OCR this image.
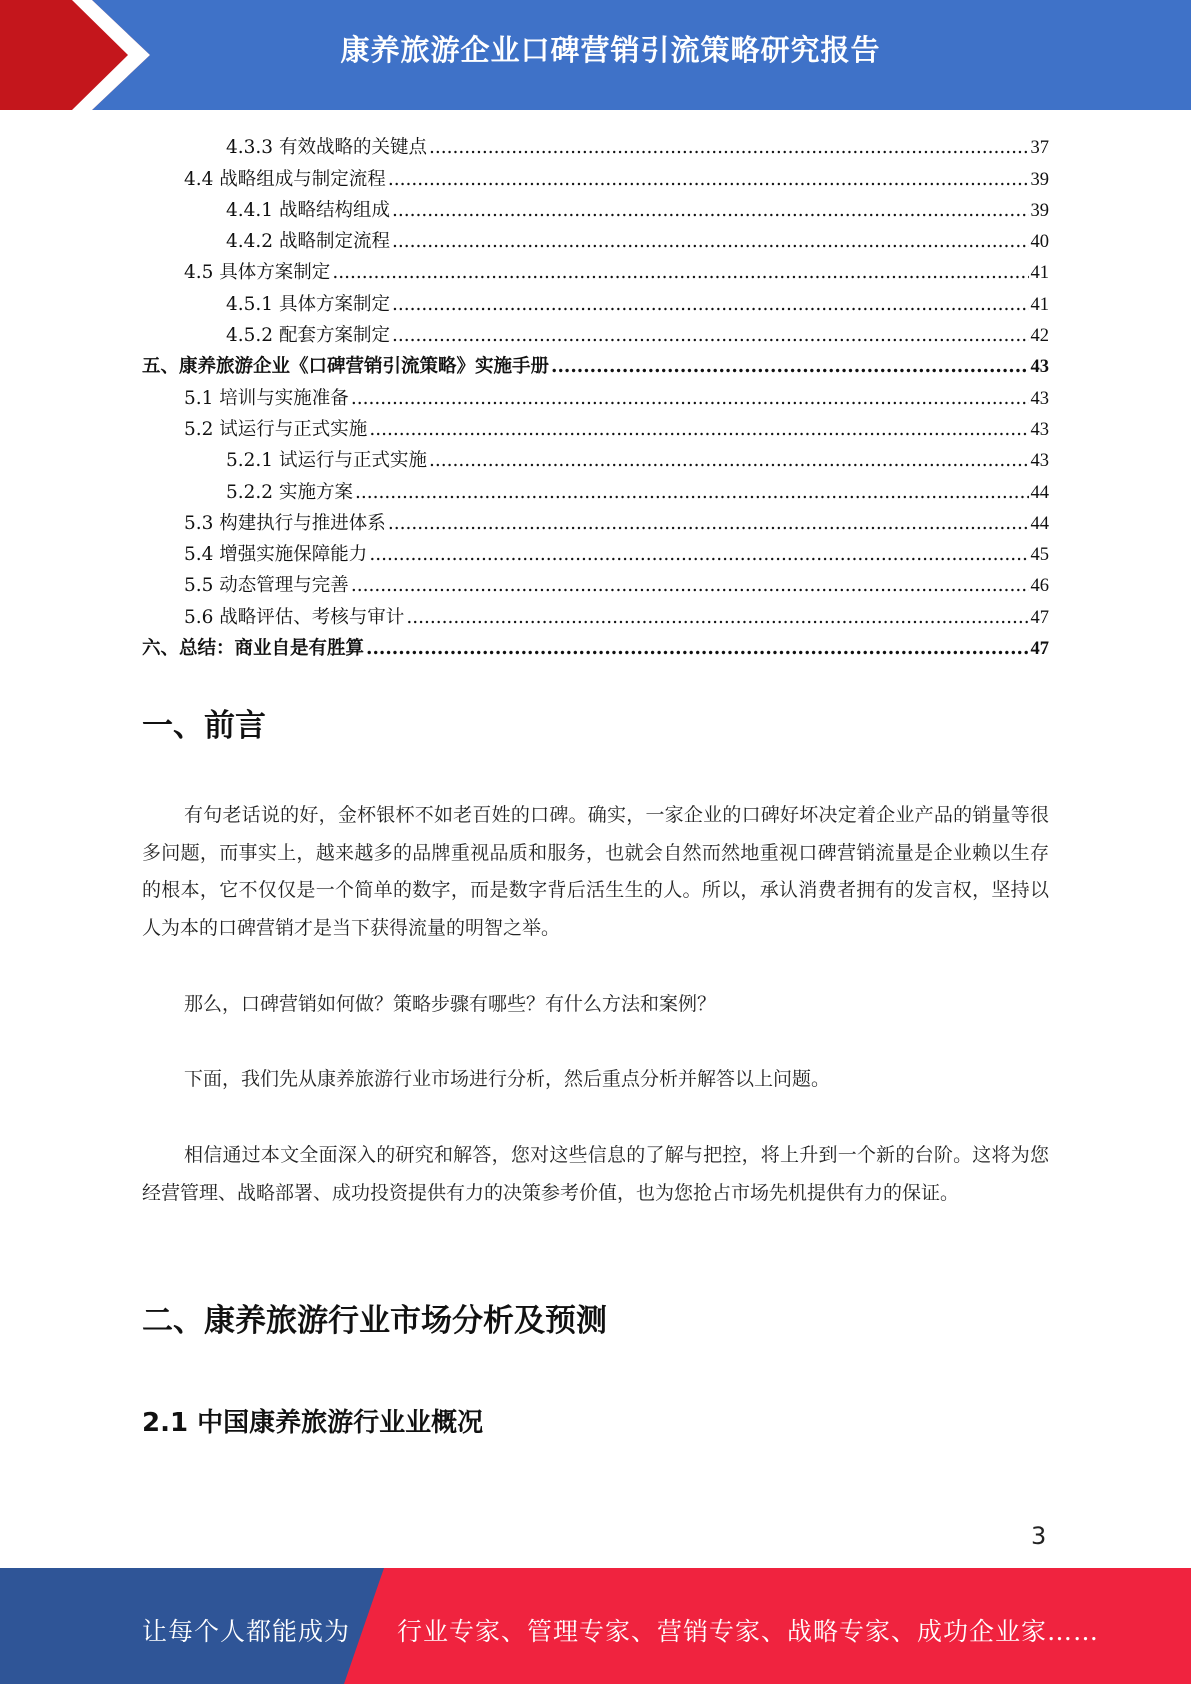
康养旅游企业口碑营销引流策略研究报告
4.3.3 有效战略的关键点 .....	37
4.4 战略组成与制定流程 .....	39
4.4.1 战略结构组成 .....	39
4.4.2 战略制定流程 .....	40
4.5 具体方案制定 .....	41
4.5.1 具体方案制定 .....	41
4.5.2 配套方案制定 .....	42
五、康养旅游企业《口碑营销引流策略》实施手册 .....	43
5.1 培训与实施准备 .....	43
5.2 试运行与正式实施 .....	43
5.2.1 试运行与正式实施 .....	43
5.2.2 实施方案 .....	44
5.3 构建执行与推进体系 .....	44
5.4 增强实施保障能力 .....	45
5.5 动态管理与完善 .....	46
5.6 战略评估、考核与审计 .....	47
六、总结：商业自是有胜算 .....	47
一、前言
有句老话说的好，金杯银杯不如老百姓的口碑。确实，一家企业的口碑好坏决定着企业产品的销量等很多问题，而事实上，越来越多的品牌重视品质和服务，也就会自然而然地重视口碑营销流量是企业赖以生存的根本，它不仅仅是一个简单的数字，而是数字背后活生生的人。所以，承认消费者拥有的发言权，坚持以人为本的口碑营销才是当下获得流量的明智之举。
那么，口碑营销如何做？策略步骤有哪些？有什么方法和案例？
下面，我们先从康养旅游行业市场进行分析，然后重点分析并解答以上问题。
相信通过本文全面深入的研究和解答，您对这些信息的了解与把控，将上升到一个新的台阶。这将为您经营管理、战略部署、成功投资提供有力的决策参考价值，也为您抢占市场先机提供有力的保证。
二、康养旅游行业市场分析及预测
2.1 中国康养旅游行业业概况
3
让每个人都能成为 行业专家、管理专家、营销专家、战略专家、成功企业家……
